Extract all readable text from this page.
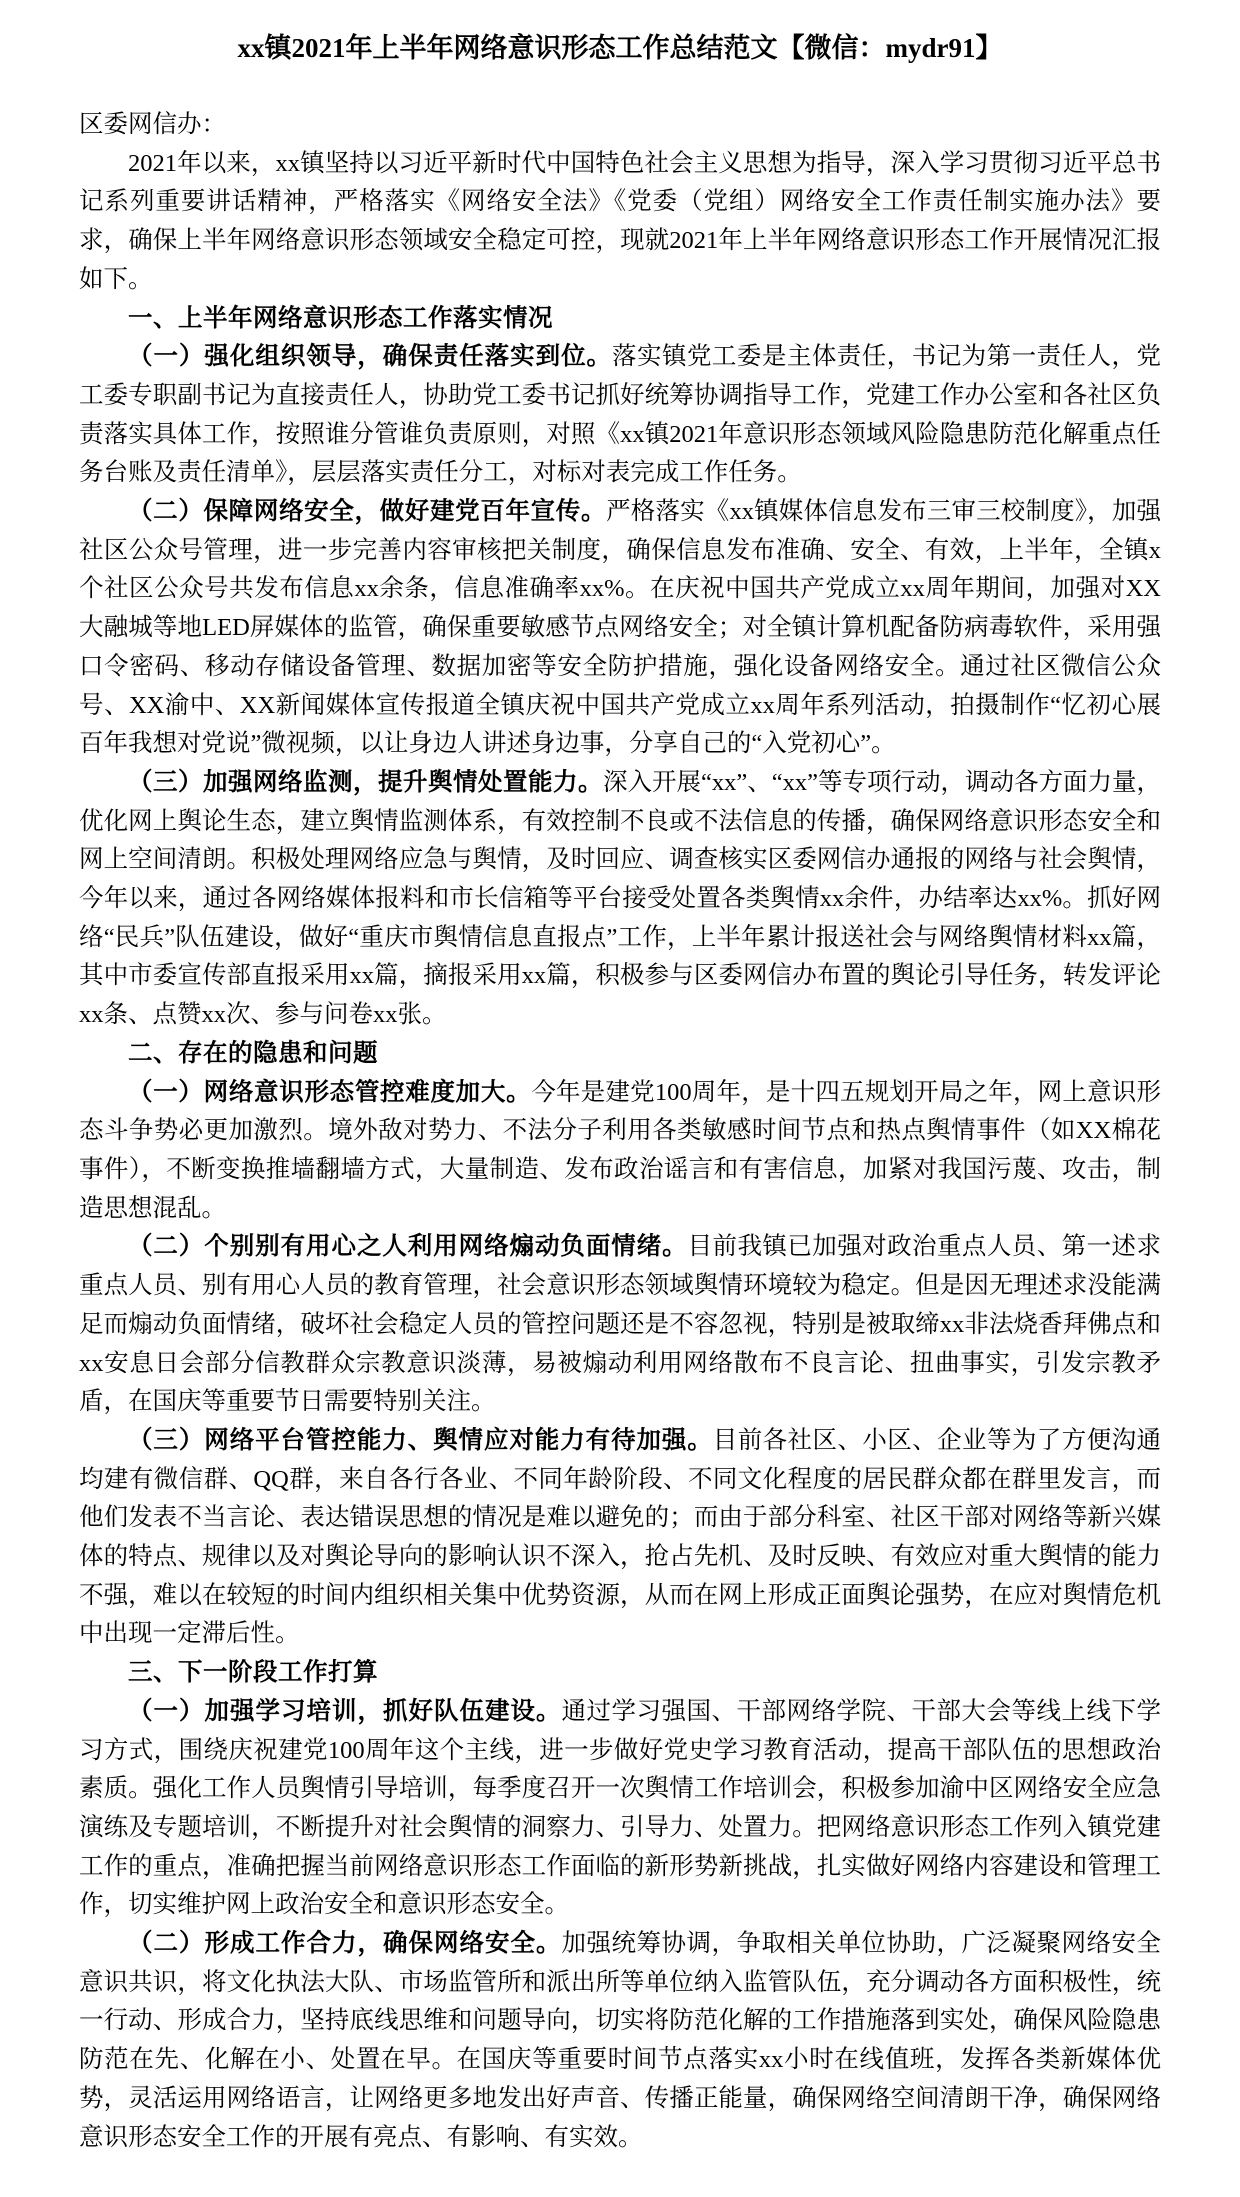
xx镇2021年上半年网络意识形态工作总结范文【微信：mydr91】

区委网信办：

2021年以来，xx镇坚持以习近平新时代中国特色社会主义思想为指导，深入学习贯彻习近平总书记系列重要讲话精神，严格落实《网络安全法》《党委（党组）网络安全工作责任制实施办法》要求，确保上半年网络意识形态领域安全稳定可控，现就2021年上半年网络意识形态工作开展情况汇报如下。

一、上半年网络意识形态工作落实情况

（一）强化组织领导，确保责任落实到位。落实镇党工委是主体责任，书记为第一责任人，党工委专职副书记为直接责任人，协助党工委书记抓好统筹协调指导工作，党建工作办公室和各社区负责落实具体工作，按照谁分管谁负责原则，对照《xx镇2021年意识形态领域风险隐患防范化解重点任务台账及责任清单》，层层落实责任分工，对标对表完成工作任务。

（二）保障网络安全，做好建党百年宣传。严格落实《xx镇媒体信息发布三审三校制度》，加强社区公众号管理，进一步完善内容审核把关制度，确保信息发布准确、安全、有效，上半年，全镇x个社区公众号共发布信息xx余条，信息准确率xx%。在庆祝中国共产党成立xx周年期间，加强对XX大融城等地LED屏媒体的监管，确保重要敏感节点网络安全；对全镇计算机配备防病毒软件，采用强口令密码、移动存储设备管理、数据加密等安全防护措施，强化设备网络安全。通过社区微信公众号、XX渝中、XX新闻媒体宣传报道全镇庆祝中国共产党成立xx周年系列活动，拍摄制作“忆初心展百年我想对党说”微视频，以让身边人讲述身边事，分享自己的“入党初心”。

（三）加强网络监测，提升舆情处置能力。深入开展“xx”、“xx”等专项行动，调动各方面力量，优化网上舆论生态，建立舆情监测体系，有效控制不良或不法信息的传播，确保网络意识形态安全和网上空间清朗。积极处理网络应急与舆情，及时回应、调查核实区委网信办通报的网络与社会舆情，今年以来，通过各网络媒体报料和市长信箱等平台接受处置各类舆情xx余件，办结率达xx%。抓好网络“民兵”队伍建设，做好“重庆市舆情信息直报点”工作，上半年累计报送社会与网络舆情材料xx篇，其中市委宣传部直报采用xx篇，摘报采用xx篇，积极参与区委网信办布置的舆论引导任务，转发评论xx条、点赞xx次、参与问卷xx张。

二、存在的隐患和问题

（一）网络意识形态管控难度加大。今年是建党100周年，是十四五规划开局之年，网上意识形态斗争势必更加激烈。境外敌对势力、不法分子利用各类敏感时间节点和热点舆情事件（如XX棉花事件），不断变换推墙翻墙方式，大量制造、发布政治谣言和有害信息，加紧对我国污蔑、攻击，制造思想混乱。

（二）个别别有用心之人利用网络煽动负面情绪。目前我镇已加强对政治重点人员、第一述求重点人员、别有用心人员的教育管理，社会意识形态领域舆情环境较为稳定。但是因无理述求没能满足而煽动负面情绪，破坏社会稳定人员的管控问题还是不容忽视，特别是被取缔xx非法烧香拜佛点和xx安息日会部分信教群众宗教意识淡薄，易被煽动利用网络散布不良言论、扭曲事实，引发宗教矛盾，在国庆等重要节日需要特别关注。

（三）网络平台管控能力、舆情应对能力有待加强。目前各社区、小区、企业等为了方便沟通均建有微信群、QQ群，来自各行各业、不同年龄阶段、不同文化程度的居民群众都在群里发言，而他们发表不当言论、表达错误思想的情况是难以避免的；而由于部分科室、社区干部对网络等新兴媒体的特点、规律以及对舆论导向的影响认识不深入，抢占先机、及时反映、有效应对重大舆情的能力不强，难以在较短的时间内组织相关集中优势资源，从而在网上形成正面舆论强势，在应对舆情危机中出现一定滞后性。

三、下一阶段工作打算

（一）加强学习培训，抓好队伍建设。通过学习强国、干部网络学院、干部大会等线上线下学习方式，围绕庆祝建党100周年这个主线，进一步做好党史学习教育活动，提高干部队伍的思想政治素质。强化工作人员舆情引导培训，每季度召开一次舆情工作培训会，积极参加渝中区网络安全应急演练及专题培训，不断提升对社会舆情的洞察力、引导力、处置力。把网络意识形态工作列入镇党建工作的重点，准确把握当前网络意识形态工作面临的新形势新挑战，扎实做好网络内容建设和管理工作，切实维护网上政治安全和意识形态安全。

（二）形成工作合力，确保网络安全。加强统筹协调，争取相关单位协助，广泛凝聚网络安全意识共识，将文化执法大队、市场监管所和派出所等单位纳入监管队伍，充分调动各方面积极性，统一行动、形成合力，坚持底线思维和问题导向，切实将防范化解的工作措施落到实处，确保风险隐患防范在先、化解在小、处置在早。在国庆等重要时间节点落实xx小时在线值班，发挥各类新媒体优势，灵活运用网络语言，让网络更多地发出好声音、传播正能量，确保网络空间清朗干净，确保网络意识形态安全工作的开展有亮点、有影响、有实效。
